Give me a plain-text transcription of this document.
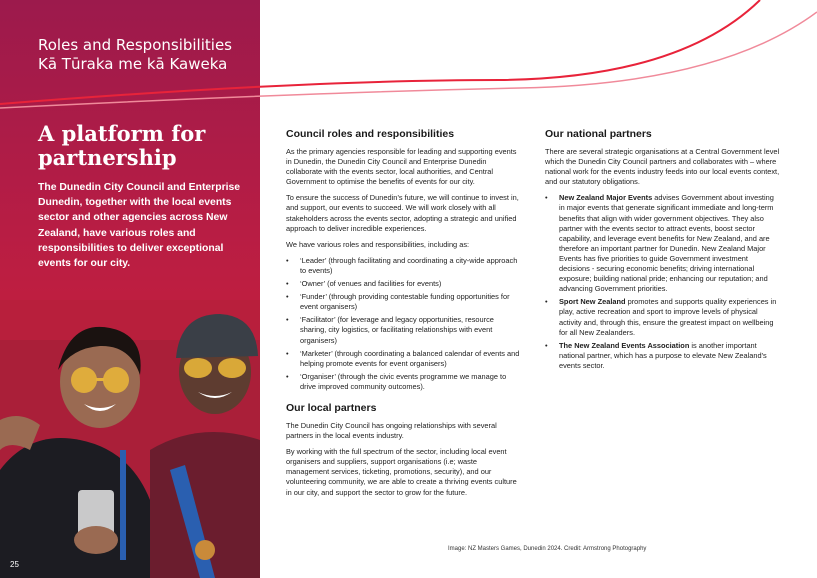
Roles and Responsibilities
Kā Tūraka me kā Kaweka
A platform for partnership
The Dunedin City Council and Enterprise Dunedin, together with the local events sector and other agencies across New Zealand, have various roles and responsibilities to deliver exceptional events for our city.
25
Council roles and responsibilities

As the primary agencies responsible for leading and supporting events in Dunedin, the Dunedin City Council and Enterprise Dunedin collaborate with the events sector, local authorities, and Central Government to optimise the benefits of events for our city.

To ensure the success of Dunedin’s future, we will continue to invest in, and support, our events to succeed. We will work closely with all stakeholders across the events sector, adopting a strategic and unified approach to deliver incredible experiences.

We have various roles and responsibilities, including as:

• ‘Leader’ (through facilitating and coordinating a city-wide approach to events)
• ‘Owner’ (of venues and facilities for events)
• ‘Funder’ (through providing contestable funding opportunities for event organisers)
• ‘Facilitator’ (for leverage and legacy opportunities, resource sharing, city logistics, or facilitating relationships with event organisers)
• ‘Marketer’ (through coordinating a balanced calendar of events and helping promote events for event organisers)
• ‘Organiser’ (through the civic events programme we manage to drive improved community outcomes).
Our local partners

The Dunedin City Council has ongoing relationships with several partners in the local events industry.

By working with the full spectrum of the sector, including local event organisers and suppliers, support organisations (i.e; waste management services, ticketing, promotions, security), and our volunteering community, we are able to create a thriving events culture in our city, and support the sector to grow for the future.

Our national partners

There are several strategic organisations at a Central Government level which the Dunedin City Council partners and collaborates with – where national work for the events industry feeds into our local events context, and our statutory obligations.

• New Zealand Major Events advises Government about investing in major events that generate significant immediate and long-term benefits that align with wider government objectives. They also partner with the events sector to attract events, boost sector capability, and leverage event benefits for New Zealand, and are therefore an important partner for Dunedin. New Zealand Major Events has five priorities to guide Government investment decisions - securing economic benefits; driving international exposure; building national pride; enhancing our reputation; and advancing Government priorities.
• Sport New Zealand promotes and supports quality experiences in play, active recreation and sport to improve levels of physical activity and, through this, ensure the greatest impact on wellbeing for all New Zealanders.
• The New Zealand Events Association is another important national partner, which has a purpose to elevate New Zealand’s events sector.
Image: NZ Masters Games, Dunedin 2024. Credit: Armstrong Photography
